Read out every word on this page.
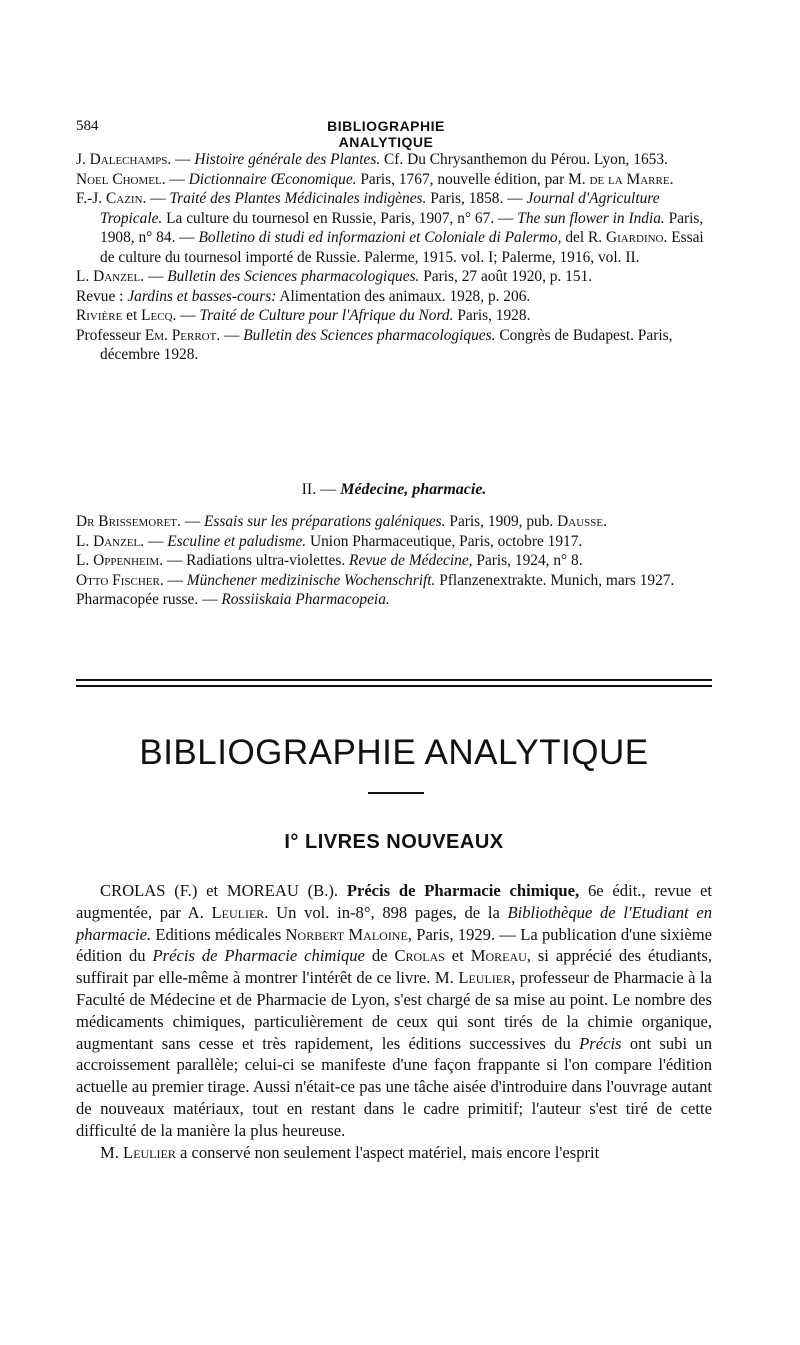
584	BIBLIOGRAPHIE ANALYTIQUE

J. Dalechamps. — Histoire générale des Plantes. Cf. Du Chrysanthemon du Pérou. Lyon, 1653.

Noel Chomel. — Dictionnaire Œconomique. Paris, 1767, nouvelle édition, par M. de la Marre.

F.-J. Cazin. — Traité des Plantes Médicinales indigènes. Paris, 1858. — Journal d'Agriculture Tropicale. La culture du tournesol en Russie, Paris, 1907, n° 67. — The sun flower in India. Paris, 1908, n° 84. — Bolletino di studi ed informazioni et Coloniale di Palermo, del R. Giardino. Essai de culture du tournesol importé de Russie. Palerme, 1915. vol. I; Palerme, 1916, vol. II.

L. Danzel. — Bulletin des Sciences pharmacologiques. Paris, 27 août 1920, p. 151.

Revue : Jardins et basses-cours: Alimentation des animaux. 1928, p. 206.

Rivière et Lecq. — Traité de Culture pour l'Afrique du Nord. Paris, 1928.

Professeur Em. Perrot. — Bulletin des Sciences pharmacologiques. Congrès de Budapest. Paris, décembre 1928.

II. — Médecine, pharmacie.

Dr Brissemoret. — Essais sur les préparations galéniques. Paris, 1909, pub. Dausse.

L. Danzel. — Esculine et paludisme. Union Pharmaceutique, Paris, octobre 1917.

L. Oppenheim. — Radiations ultra-violettes. Revue de Médecine, Paris, 1924, n° 8.

Otto Fischer. — Münchener medizinische Wochenschrift. Pflanzenextrakte. Munich, mars 1927.

Pharmacopée russe. — Rossiiskaia Pharmacopeia.

BIBLIOGRAPHIE ANALYTIQUE
I° LIVRES NOUVEAUX

CROLAS (F.) et MOREAU (B.). Précis de Pharmacie chimique, 6e édit., revue et augmentée, par A. Leulier. Un vol. in-8°, 898 pages, de la Bibliothèque de l'Etudiant en pharmacie. Editions médicales Norbert Maloine, Paris, 1929. — La publication d'une sixième édition du Précis de Pharmacie chimique de Crolas et Moreau, si apprécié des étudiants, suffirait par elle-même à montrer l'intérêt de ce livre. M. Leulier, professeur de Pharmacie à la Faculté de Médecine et de Pharmacie de Lyon, s'est chargé de sa mise au point. Le nombre des médicaments chimiques, particulièrement de ceux qui sont tirés de la chimie organique, augmentant sans cesse et très rapidement, les éditions successives du Précis ont subi un accroissement parallèle; celui-ci se manifeste d'une façon frappante si l'on compare l'édition actuelle au premier tirage. Aussi n'était-ce pas une tâche aisée d'introduire dans l'ouvrage autant de nouveaux matériaux, tout en restant dans le cadre primitif; l'auteur s'est tiré de cette difficulté de la manière la plus heureuse.

M. Leulier a conservé non seulement l'aspect matériel, mais encore l'esprit
